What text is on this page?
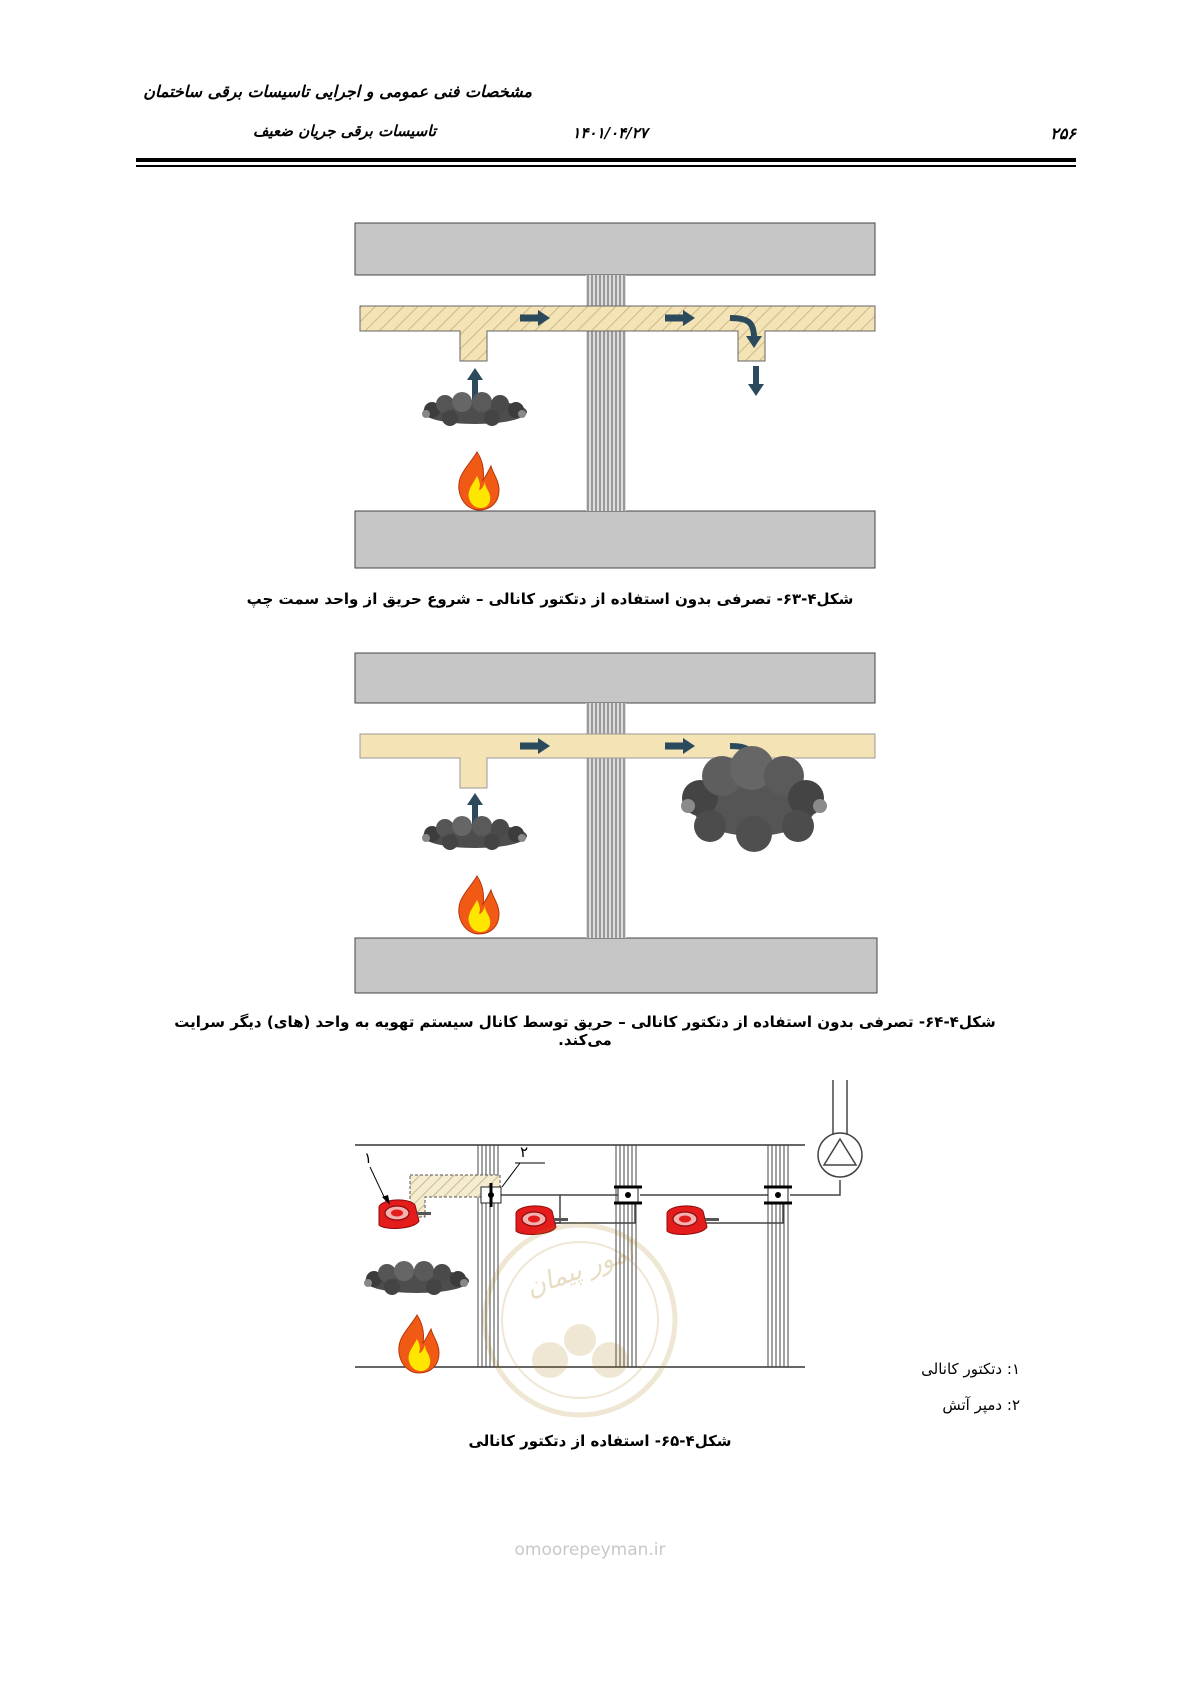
مشخصات فنی عمومی و اجرایی تاسیسات برقی ساختمان
تاسیسات برقی جریان ضعیف	۱۴۰۱/۰۴/۲۷	۲۵۶
شکل۴-۶۳- تصرفی بدون استفاده از دتکتور کانالی – شروع حریق از واحد سمت چپ
شکل۴-۶۴- تصرفی بدون استفاده از دتکتور کانالی – حریق توسط کانال سیستم تهویه به واحد (های) دیگر سرایت می‌کند.
۱	۲
امور پیمان
۱: دتکتور کانالی
۲: دمپر آتش
شکل۴-۶۵- استفاده از دتکتور کانالی
omoorepeyman.ir
